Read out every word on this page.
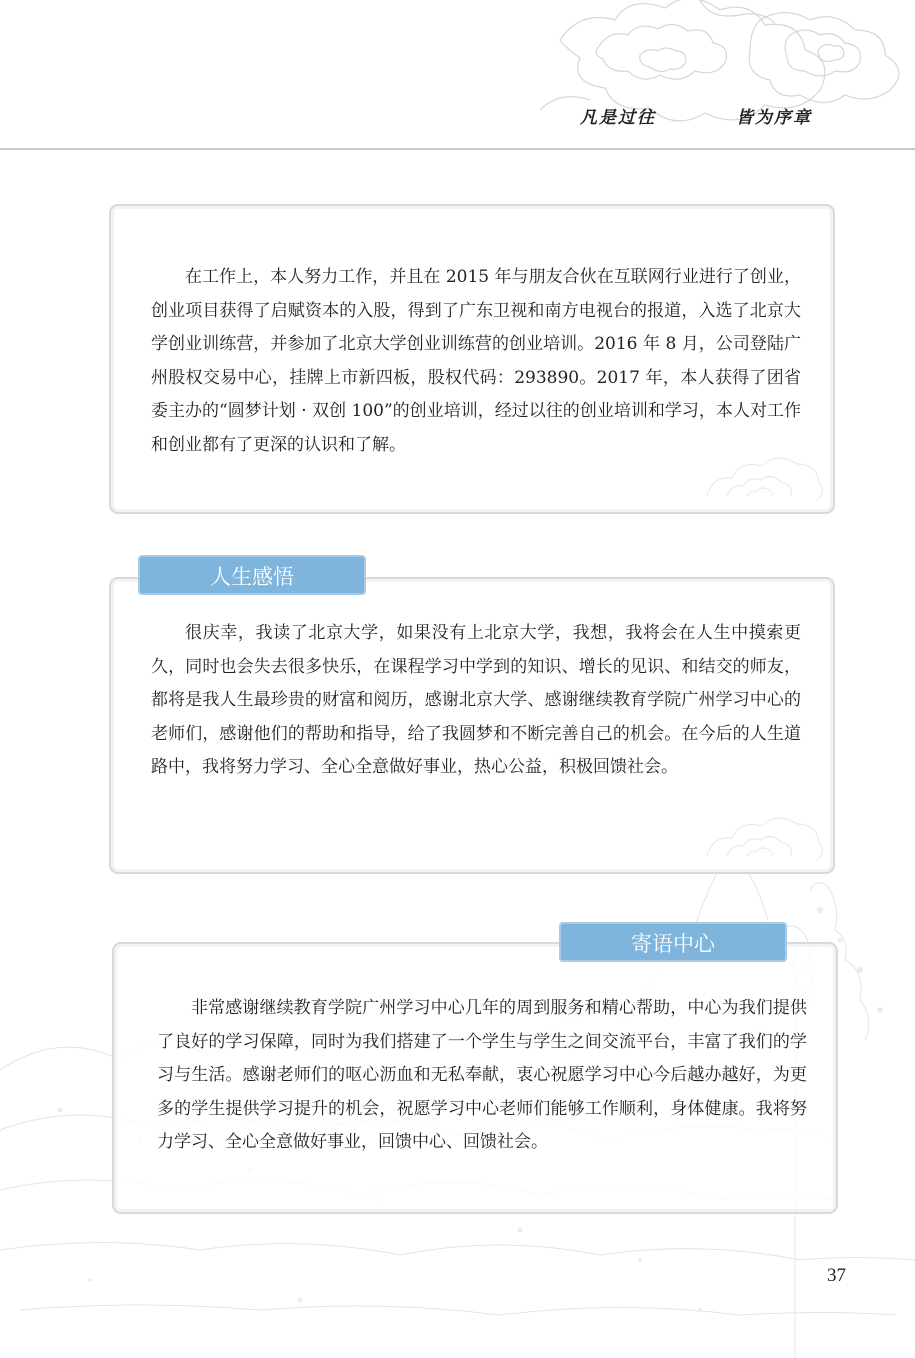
凡是过往	皆为序章

在工作上，本人努力工作，并且在 2015 年与朋友合伙在互联网行业进行了创业，创业项目获得了启赋资本的入股，得到了广东卫视和南方电视台的报道，入选了北京大学创业训练营，并参加了北京大学创业训练营的创业培训。2016 年 8 月，公司登陆广州股权交易中心，挂牌上市新四板，股权代码：293890。2017 年，本人获得了团省委主办的“圆梦计划 · 双创 100”的创业培训，经过以往的创业培训和学习，本人对工作和创业都有了更深的认识和了解。

很庆幸，我读了北京大学，如果没有上北京大学，我想，我将会在人生中摸索更久，同时也会失去很多快乐，在课程学习中学到的知识、增长的见识、和结交的师友，都将是我人生最珍贵的财富和阅历，感谢北京大学、感谢继续教育学院广州学习中心的老师们，感谢他们的帮助和指导，给了我圆梦和不断完善自己的机会。在今后的人生道路中，我将努力学习、全心全意做好事业，热心公益，积极回馈社会。

人生感悟

非常感谢继续教育学院广州学习中心几年的周到服务和精心帮助，中心为我们提供了良好的学习保障，同时为我们搭建了一个学生与学生之间交流平台，丰富了我们的学习与生活。感谢老师们的呕心沥血和无私奉献，衷心祝愿学习中心今后越办越好，为更多的学生提供学习提升的机会，祝愿学习中心老师们能够工作顺利，身体健康。我将努力学习、全心全意做好事业，回馈中心、回馈社会。

寄语中心
37
